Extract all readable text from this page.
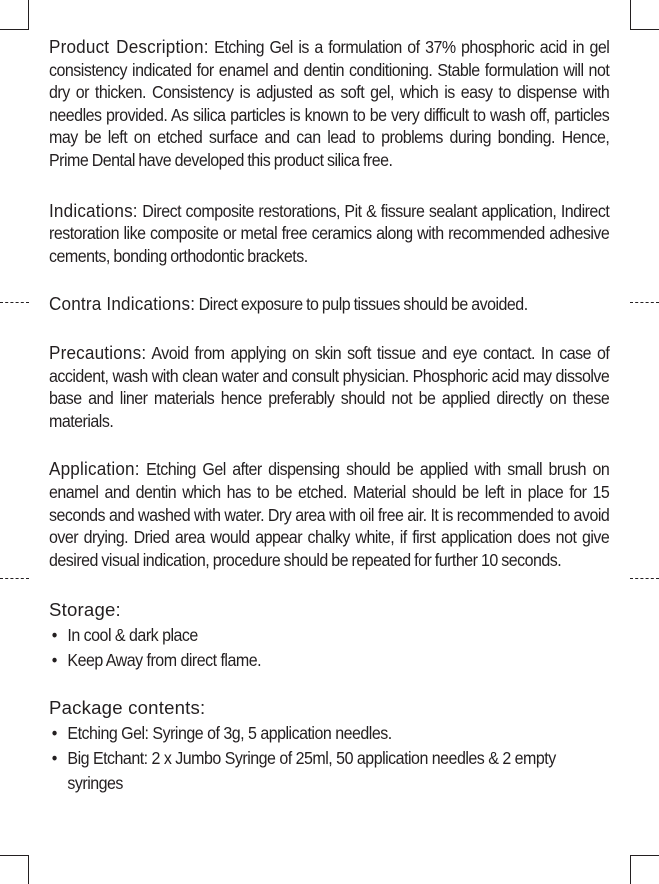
Product Description: Etching Gel is a formulation of 37% phosphoric acid in gel consistency indicated for enamel and dentin conditioning. Stable formulation will not dry or thicken. Consistency is adjusted as soft gel, which is easy to dispense with needles provided. As silica particles is known to be very difficult to wash off, particles may be left on etched surface and can lead to problems during bonding. Hence, Prime Dental have developed this product silica free.

Indications: Direct composite restorations, Pit & fissure sealant application, Indirect restoration like composite or metal free ceramics along with recommended adhesive cements, bonding orthodontic brackets.

Contra Indications: Direct exposure to pulp tissues should be avoided.

Precautions: Avoid from applying on skin soft tissue and eye contact. In case of accident, wash with clean water and consult physician. Phosphoric acid may dissolve base and liner materials hence preferably should not be applied directly on these materials.

Application: Etching Gel after dispensing should be applied with small brush on enamel and dentin which has to be etched. Material should be left in place for 15 seconds and washed with water. Dry area with oil free air. It is recommended to avoid over drying. Dried area would appear chalky white, if first application does not give desired visual indication, procedure should be repeated for further 10 seconds.

Storage:

• In cool & dark place
• Keep Away from direct flame.

Package contents:

• Etching Gel: Syringe of 3g, 5 application needles.
• Big Etchant: 2 x Jumbo Syringe of 25ml, 50 application needles & 2 empty syringes
